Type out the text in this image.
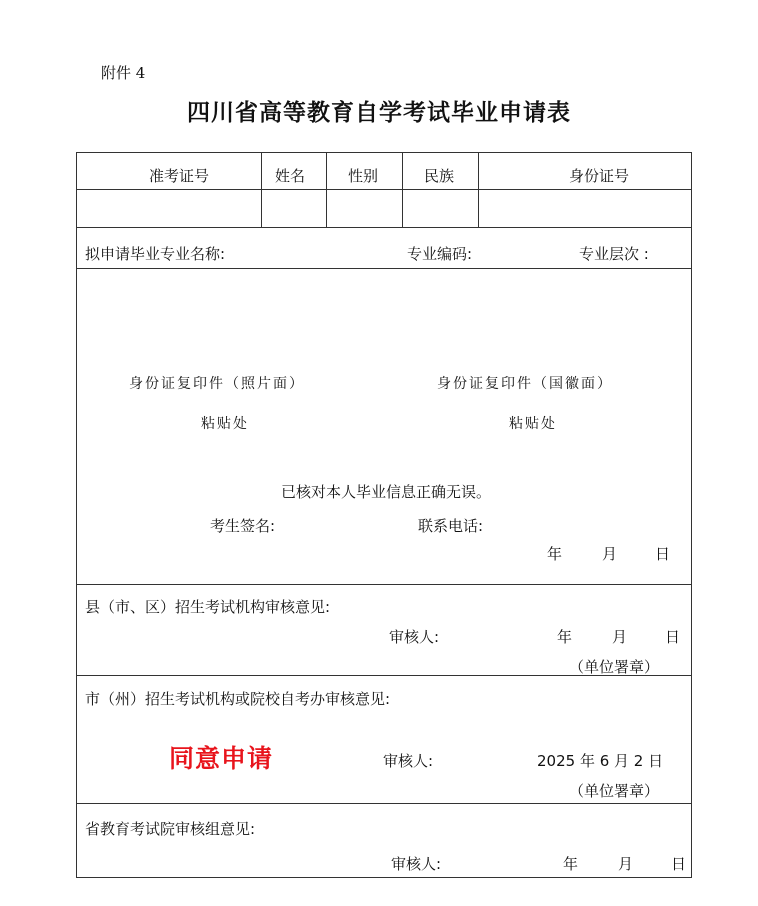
附件 4
四川省高等教育自学考试毕业申请表
准考证号	姓名	性别	民族	身份证号
拟申请毕业专业名称:	专业编码:	专业层次 :
身份证复印件（照片面）
粘贴处
身份证复印件（国徽面）
粘贴处
已核对本人毕业信息正确无误。
考生签名:	联系电话:
年	月	日
县（市、区）招生考试机构审核意见:
审核人:	年	月	日
（单位署章）
市（州）招生考试机构或院校自考办审核意见:
同意申请	审核人:	2025 年 6 月 2 日
（单位署章）
省教育考试院审核组意见:
审核人:	年	月	日
